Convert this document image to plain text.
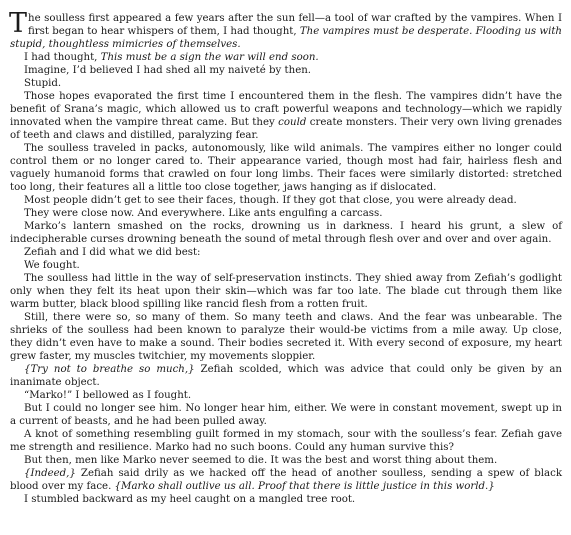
The soulless first appeared a few years after the sun fell—a tool of war crafted by the vampires. When I first began to hear whispers of them, I had thought, The vampires must be desperate. Flooding us with stupid, thoughtless mimicries of themselves.

I had thought, This must be a sign the war will end soon.

Imagine, I’d believed I had shed all my naiveté by then.

Stupid.

Those hopes evaporated the first time I encountered them in the flesh. The vampires didn’t have the benefit of Srana’s magic, which allowed us to craft powerful weapons and technology—which we rapidly innovated when the vampire threat came. But they could create monsters. Their very own living grenades of teeth and claws and distilled, paralyzing fear.

The soulless traveled in packs, autonomously, like wild animals. The vampires either no longer could control them or no longer cared to. Their appearance varied, though most had fair, hairless flesh and vaguely humanoid forms that crawled on four long limbs. Their faces were similarly distorted: stretched too long, their features all a little too close together, jaws hanging as if dislocated.

Most people didn’t get to see their faces, though. If they got that close, you were already dead.

They were close now. And everywhere. Like ants engulfing a carcass.

Marko’s lantern smashed on the rocks, drowning us in darkness. I heard his grunt, a slew of indecipherable curses drowning beneath the sound of metal through flesh over and over and over again.

Zefiah and I did what we did best:

We fought.

The soulless had little in the way of self-preservation instincts. They shied away from Zefiah’s godlight only when they felt its heat upon their skin—which was far too late. The blade cut through them like warm butter, black blood spilling like rancid flesh from a rotten fruit.

Still, there were so, so many of them. So many teeth and claws. And the fear was unbearable. The shrieks of the soulless had been known to paralyze their would-be victims from a mile away. Up close, they didn’t even have to make a sound. Their bodies secreted it. With every second of exposure, my heart grew faster, my muscles twitchier, my movements sloppier.

{Try not to breathe so much,} Zefiah scolded, which was advice that could only be given by an inanimate object.

“Marko!” I bellowed as I fought.

But I could no longer see him. No longer hear him, either. We were in constant movement, swept up in a current of beasts, and he had been pulled away.

A knot of something resembling guilt formed in my stomach, sour with the soulless’s fear. Zefiah gave me strength and resilience. Marko had no such boons. Could any human survive this?

But then, men like Marko never seemed to die. It was the best and worst thing about them.

{Indeed,} Zefiah said drily as we hacked off the head of another soulless, sending a spew of black blood over my face. {Marko shall outlive us all. Proof that there is little justice in this world.}

I stumbled backward as my heel caught on a mangled tree root.
